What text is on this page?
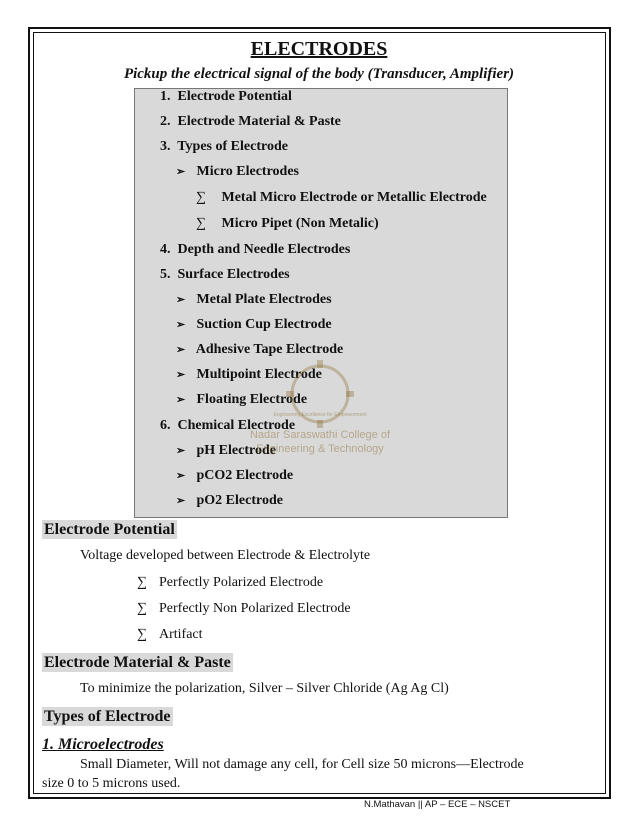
ELECTRODES
Pickup the electrical signal of the body (Transducer, Amplifier)
1. Electrode Potential
2. Electrode Material & Paste
3. Types of Electrode
➢ Micro Electrodes
∑ Metal Micro Electrode or Metallic Electrode
∑ Micro Pipet (Non Metalic)
4. Depth and Needle Electrodes
5. Surface Electrodes
➢ Metal Plate Electrodes
➢ Suction Cup Electrode
➢ Adhesive Tape Electrode
➢ Multipoint Electrode
➢ Floating Electrode
6. Chemical Electrode
➢ pH Electrode
➢ pCO2 Electrode
➢ pO2 Electrode
Engineering Excellence for Empowerment
Nadar Saraswathi College of
Engineering & Technology
Electrode Potential
Voltage developed between Electrode & Electrolyte
∑ Perfectly Polarized Electrode
∑ Perfectly Non Polarized Electrode
∑ Artifact
Electrode Material & Paste
To minimize the polarization, Silver – Silver Chloride (Ag Ag Cl)
Types of Electrode
1. Microelectrodes
Small Diameter, Will not damage any cell, for Cell size 50 microns—Electrode
size 0 to 5 microns used.
N.Mathavan || AP – ECE – NSCET
